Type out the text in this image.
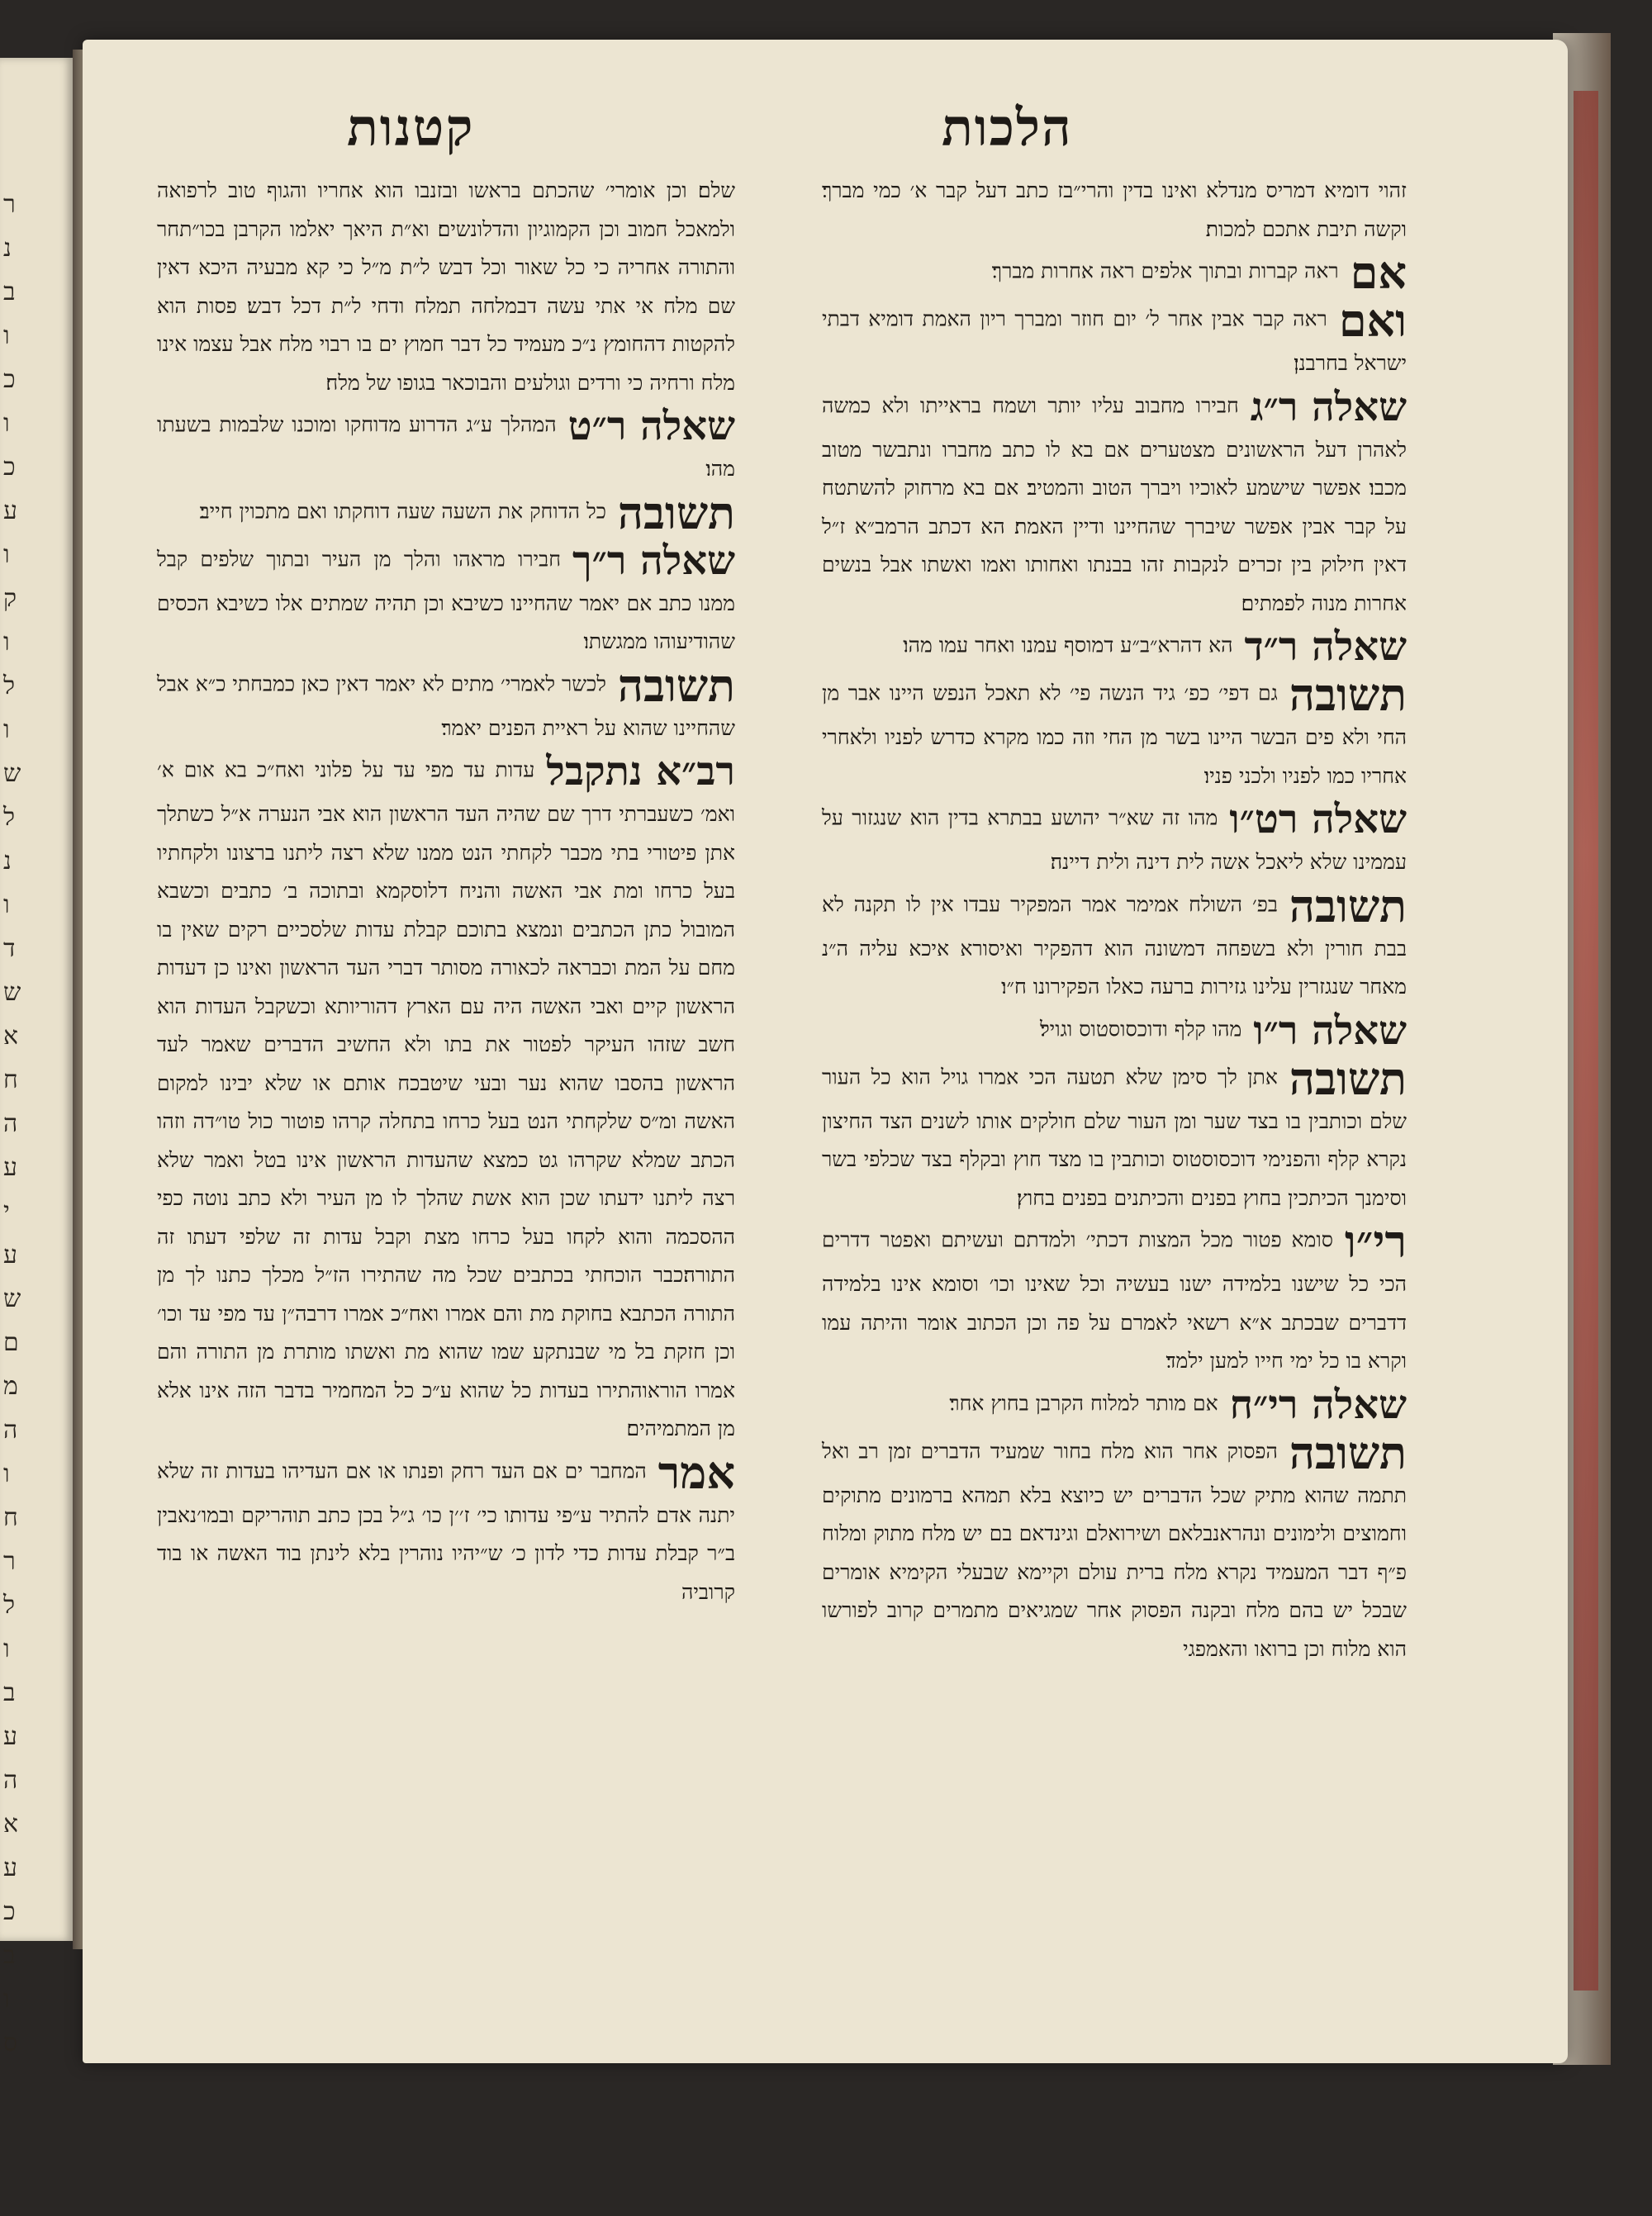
ר
נ
ב
ו
כ
ו
כ
ע
ו
ק
ו
ל
ו
ש
ל
נ
ו
ד
ש
א
ח
ה
ע
י
ע
ש
ם
מ
ה
ו
ח
ר
ל
ו
ב
ע
ה
א
ע
כ
ב
ו
ס
הלכות
קטנות

זהוי דומיא דמריס מנדלא ואינו בדין והרי״בז כתב דעל קבר א׳ כמי מברך׃ וקשה תיבת אתכם למכות׃

אםראה קברות ובתוך אלפים ראה אחרות מברך׃

ואםראה קבר אבין אחר ל׳ יום חוזר ומברך ריון האמת דומיא דבתי ישראל בחרבנן׃

שאלה ר״גחבירו מחבוב עליו יותר ושמח בראייתו ולא כמשה לאהרן דעל הראשונים מצטערים אם בא לו כתב מחברו ונתבשר מטוב מכבו׃ אפשר שישמע לאוכיו ויברך הטוב והמטיב׃ אם בא מרחוק להשתטח על קבר אבין אפשר שיברך שהחיינו ודיין האמת׃ הא דכתב הרמב״א ז״ל דאין חילוק בין זכרים לנקבות זהו בבנתו ואחותו ואמו ואשתו אבל בנשים אחרות מנוה לפמתים׃

שאלה ר״דהא דהרא״ב״ע דמוסף עמנו ואחר עמו מהו׃

תשובהגם דפי׳ כפ׳ גיד הנשה פי׳ לא תאכל הנפש היינו אבר מן החי ולא פים הבשר היינו בשר מן החי וזה כמו מקרא כדרש לפניו ולאחרי אחריו כמו לפניו ולכני פניו׃

שאלה רט״ומהו זה שא״ר יהושע בבתרא בדין הוא שנגזור על עממינו שלא ליאכל אשה לית דינה ולית דיינה׃

תשובהבפ׳ השולח אמימר אמר המפקיר עבדו אין לו תקנה לא בבת חורין ולא בשפחה דמשונה הוא דהפקיר ואיסורא איכא עליה ה״נ מאחר שנגזרין עלינו גזירות ברעה כאלו הפקירונו ח״ו׃

שאלה ר״ומהו קלף ודוכסוסטוס וגויל׃

תשובהאתן לך סימן שלא תטעה הכי אמרו גויל הוא כל העור שלם וכותבין בו בצד שער ומן העור שלם חולקים אותו לשנים הצד החיצון נקרא קלף והפנימי דוכסוסטוס וכותבין בו מצד חוץ ובקלף בצד שכלפי בשר וסימנך הכיתכין בחוץ בפנים והכיתנים בפנים בחוץ׃

רי״וסומא פטור מכל המצות דכתי׳ ולמדתם ועשיתם ואפטר דדרים הכי כל שישנו בלמידה ישנו בעשיה וכל שאינו וכו׳ וסומא אינו בלמידה דדברים שבכתב א״א רשאי לאמרם על פה וכן הכתוב אומר והיתה עמו וקרא בו כל ימי חייו למען ילמד׃

שאלה רי״חאם מותר למלוח הקרבן בחוץ אחר׃

תשובההפסוק אחר הוא מלח בחור שמעיד הדברים זמן רב ואל תתמה שהוא מתיק שכל הדברים יש כיוצא בלא תמהא ברמונים מתוקים וחמוצים ולימונים ונהראנבלאם ושירואלם וגינדאם בם יש מלח מתוק ומלוח פ״ף דבר המעמיד נקרא מלח ברית עולם וקיימא שבעלי הקימיא אומרים שבכל יש בהם מלח ובקנה הפסוק אחר שמגיאים מתמרים קרוב לפורשו הוא מלוח וכן ברואו והאמפגי

שלם׃ וכן אומרי׳ שהכתם בראשו ובזנבו הוא אחריו והגוף טוב לרפואה ולמאכל חמוב וכן הקמוגיון והדלונשים׃ וא״ת היאך יאלמו הקרבן בכו״תחר והתורה אחריה כי כל שאור וכל דבש ל״ת מ״ל כי קא מבעיה היכא דאין שם מלח אי אתי עשה דבמלחה תמלח ודחי ל״ת דכל דבש׃ פסות הוא להקטות דהחומץ נ״כ מעמיד כל דבר חמוץ ים בו רבוי מלח אבל עצמו אינו מלח ורחיה כי ורדים וגולעים והבוכאר בגופו של מלח׃

שאלה ר״טהמהלך ע״ג הדרוע מדוחקו ומוכנו שלבמות בשעתו מהו׃

תשובהכל הדוחק את השעה שעה דוחקתו ואם מתכוין חייב׃

שאלה ר״ךחבירו מראהו והלך מן העיר ובתוך שלפים קבל ממנו כתב אם יאמר שהחיינו כשיבא וכן תהיה שמתים אלו כשיבא הכסים שהודיעוהו ממגשתו׃

תשובהלכשר לאמרי׳ מתים לא יאמר דאין כאן כמבחתי כ״א אבל שהחיינו שהוא על ראיית הפנים יאמר׃

רב״א נתקבלעדות עד מפי עד על פלוני ואח״כ בא אום א׳ ואמ׳ כשעברתי דרך שם שהיה העד הראשון הוא אבי הנערה א״ל כשתלך אתן פיטורי בתי מכבר לקחתי הנט ממנו שלא רצה ליתנו ברצונו ולקחתיו בעל כרחו ומת אבי האשה והניח דלוסקמא ובתוכה ב׳ כתבים וכשבא המובול כתן הכתבים ונמצא בתוכם קבלת עדות שלסכיים רקים שאין בו מחם על המת וכבראה לכאורה מסותר דברי העד הראשון ואינו כן דעדות הראשון קיים ואבי האשה היה עם הארץ דהוריותא וכשקבל העדות הוא חשב שזהו העיקר לפטור את בתו ולא החשיב הדברים שאמר לעד הראשון בהסבו שהוא נער ובעי שיטבכח אותם או שלא יבינו למקום האשה ומ״ס שלקחתי הנט בעל כרחו בתחלה קרהו פוטור כול טו״דה וזהו הכתב שמלא שקרהו גט כמצא שהעדות הראשון אינו בטל ואמר שלא רצה ליתנו ידעתו שכן הוא אשת שהלך לו מן העיר ולא כתב נוטה כפי ההסכמה והוא לקחו בעל כרחו מצת וקבל עדות זה שלפי דעתו זה התורה׃כבר הוכחתי בכתבים שכל מה שהתירו הז״ל מכלך כתנו לך מן התורה הכתבא בחוקת מת והם אמרו ואח״כ אמרו דרבה״ן עד מפי עד וכו׳ וכן חזקת בל מי שבנתקע שמו שהוא מת ואשתו מותרת מן התורה והם אמרו הוראוהתירו בעדות כל שהוא ע״כ כל המחמיר בדבר הזה אינו אלא מן המתמיהים׃

אמרהמחבר ים אם העד רחק ופנתו או אם העדיהו בעדות זה שלא יתנה אדם להתיר ע״פי עדותו כי׳ ז׳׳ן כו׳ ג״ל בכן כתב תוהריקם ובמו׳נאבין ב״ר קבלת עדות כדי לדון כ׳ ש״יהיו נוהרין בלא לינתן בוד האשה או בוד קרוביה
